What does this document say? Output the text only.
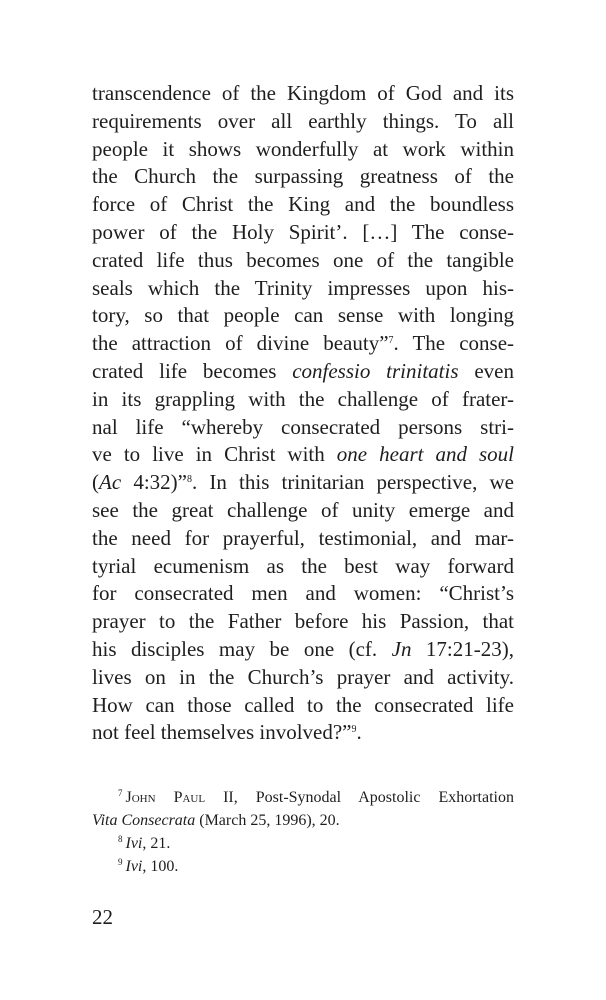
transcendence of the Kingdom of God and its
requirements over all earthly things. To all
people it shows wonderfully at work within
the Church the surpassing greatness of the
force of Christ the King and the boundless
power of the Holy Spirit’. […] The conse-
crated life thus becomes one of the tangible
seals which the Trinity impresses upon his-
tory, so that people can sense with longing
the attraction of divine beauty”$^7$. The conse-
crated life becomes confessio trinitatis even
in its grappling with the challenge of frater-
nal life “whereby consecrated persons stri-
ve to live in Christ with one heart and soul
(Ac 4:32)”$^8$. In this trinitarian perspective, we
see the great challenge of unity emerge and
the need for prayerful, testimonial, and mar-
tyrial ecumenism as the best way forward
for consecrated men and women: “Christ’s
prayer to the Father before his Passion, that
his disciples may be one (cf. Jn 17:21-23),
lives on in the Church’s prayer and activity.
How can those called to the consecrated life
not feel themselves involved?”$^9$.
$^7$ John Paul II, Post-Synodal Apostolic Exhortation
Vita Consecrata (March 25, 1996), 20.
$^8$ Ivi, 21.
$^9$ Ivi, 100.
22
